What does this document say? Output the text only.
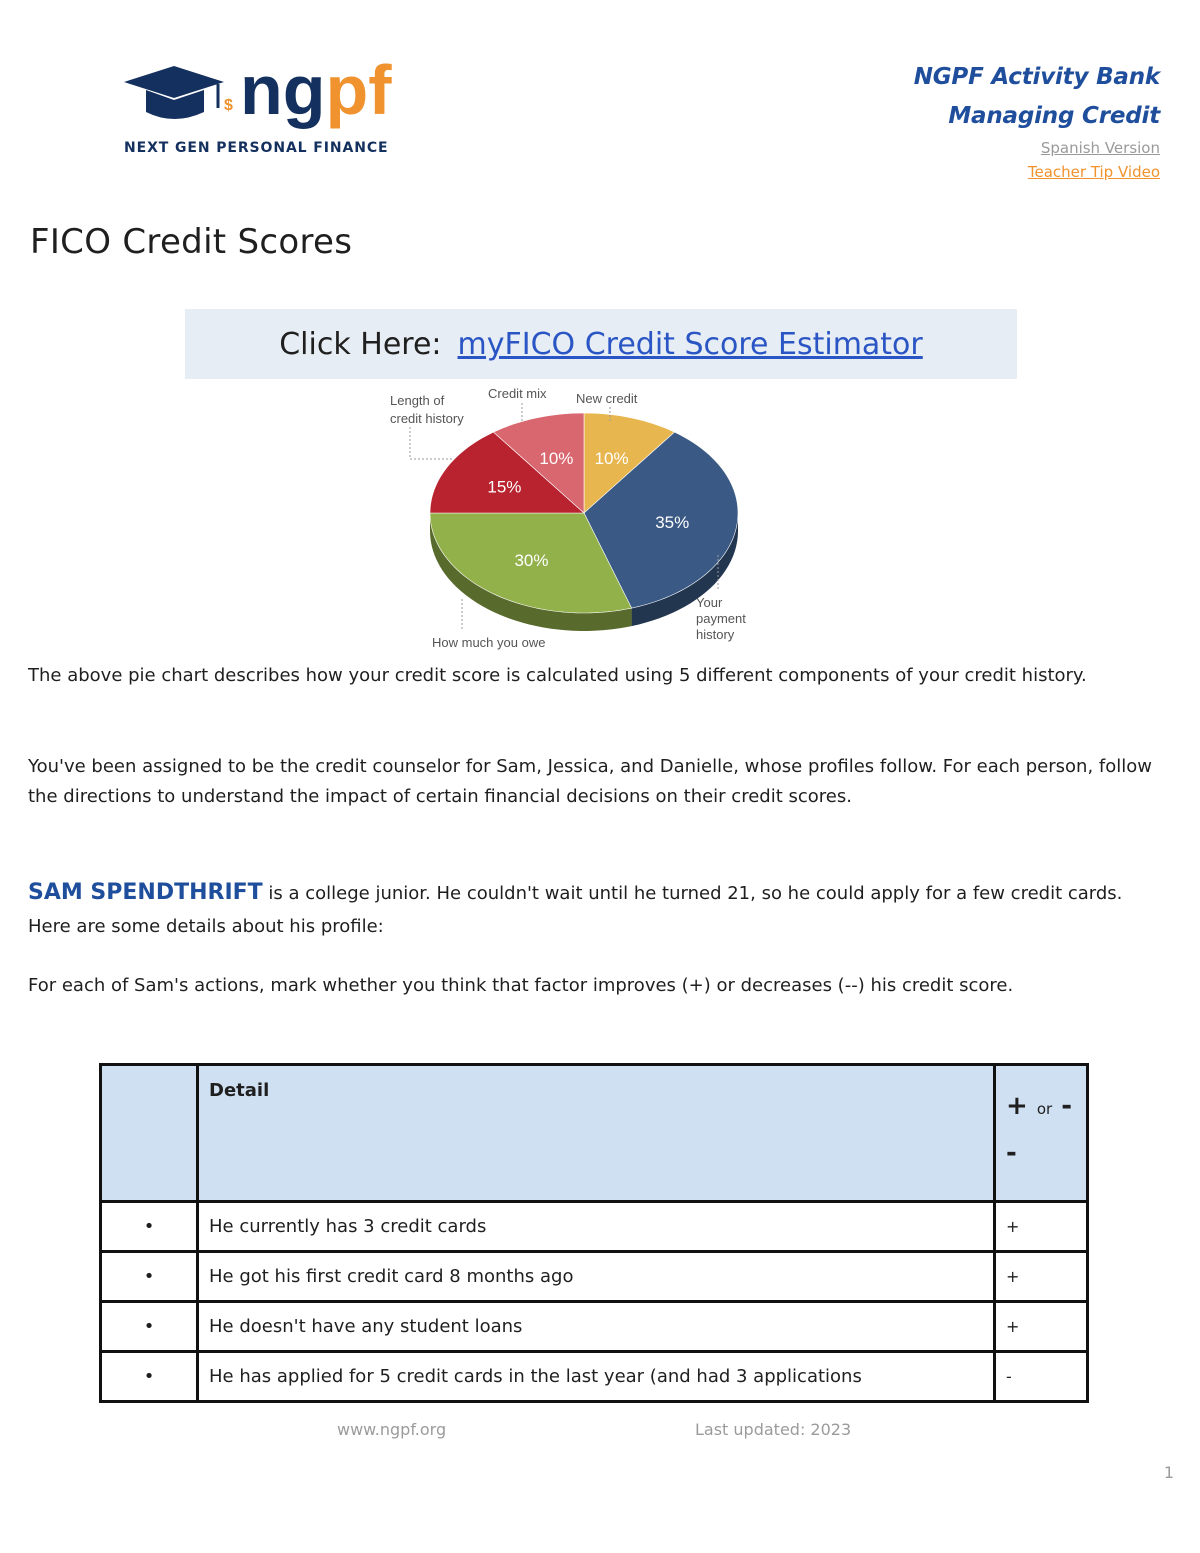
$ ngpf
NEXT GEN PERSONAL FINANCE
NGPF Activity Bank
Managing Credit
Spanish Version
Teacher Tip Video
FICO Credit Scores
Click Here: myFICO Credit Score Estimator
10%
35%
30%
15%
10%
Length of
credit history
Credit mix New credit
Your
payment
history
How much you owe
The above pie chart describes how your credit score is calculated using 5 different components of your credit history.
You've been assigned to be the credit counselor for Sam, Jessica, and Danielle, whose profiles follow. For each person, follow the directions to understand the impact of certain financial decisions on their credit scores.
SAM SPENDTHRIFT is a college junior. He couldn't wait until he turned 21, so he could apply for a few credit cards. Here are some details about his profile:
For each of Sam's actions, mark whether you think that factor improves (+) or decreases (--) his credit score.
	Detail	+ or -
-
•	He currently has 3 credit cards	+
•	He got his first credit card 8 months ago	+
•	He doesn't have any student loans	+
•	He has applied for 5 credit cards in the last year (and had 3 applications	-
www.ngpf.org	Last updated: 2023
1
